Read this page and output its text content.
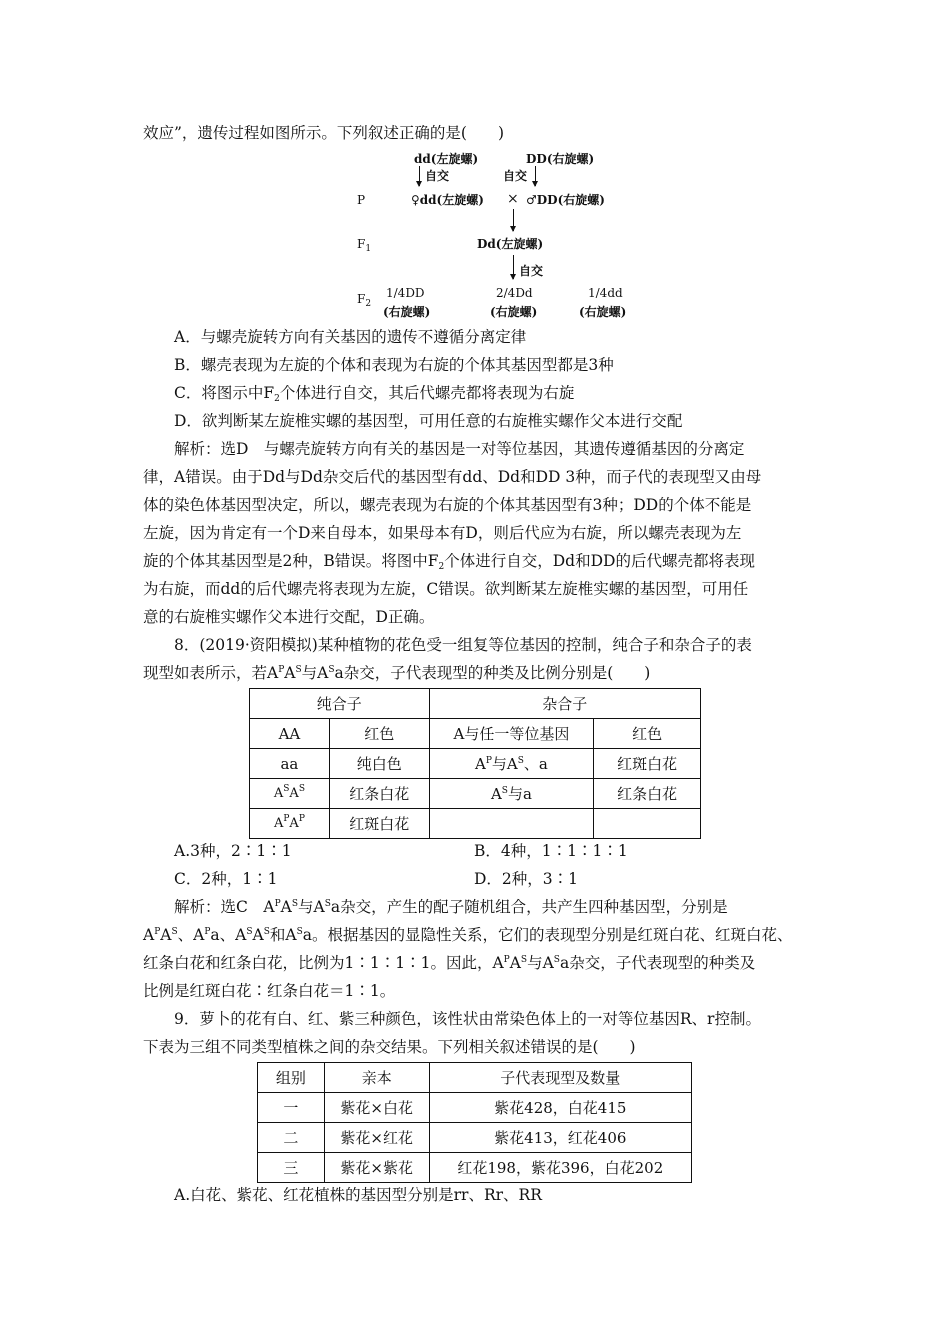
效应”，遗传过程如图所示。下列叙述正确的是(　　)

dd(左旋螺)	DD(右旋螺)
自交	自交
P	♀dd(左旋螺) × ♂DD(右旋螺)
$F_1$	Dd(左旋螺)
自交
$F_2$
1/4DD
(右旋螺)
2/4Dd
(右旋螺)
1/4dd
(右旋螺)

A．与螺壳旋转方向有关基因的遗传不遵循分离定律

B．螺壳表现为左旋的个体和表现为右旋的个体其基因型都是3种

C．将图示中$F_2$个体进行自交，其后代螺壳都将表现为右旋

D．欲判断某左旋椎实螺的基因型，可用任意的右旋椎实螺作父本进行交配

解析：选D　与螺壳旋转方向有关的基因是一对等位基因，其遗传遵循基因的分离定

律，A错误。由于Dd与Dd杂交后代的基因型有dd、Dd和DD 3种，而子代的表现型又由母

体的染色体基因型决定，所以，螺壳表现为右旋的个体其基因型有3种；DD的个体不能是

左旋，因为肯定有一个D来自母本，如果母本有D，则后代应为右旋，所以螺壳表现为左

旋的个体其基因型是2种，B错误。将图中$F_2$个体进行自交，Dd和DD的后代螺壳都将表现

为右旋，而dd的后代螺壳将表现为左旋，C错误。欲判断某左旋椎实螺的基因型，可用任

意的右旋椎实螺作父本进行交配，D正确。

8．(2019·资阳模拟)某种植物的花色受一组复等位基因的控制，纯合子和杂合子的表

现型如表所示，若$A^PA^S$与$A^Sa$杂交，子代表现型的种类及比例分别是(　　)

纯合子		杂合子	
AA	红色	A与任一等位基因	红色
aa	纯白色	$A^P$与$A^S$、a	红斑白花
$A^SA^S$	红条白花	$A^S$与a	红条白花
$A^PA^P$	红斑白花		
A.3种，2∶1∶1	B．4种，1∶1∶1∶1
C．2种，1∶1	D．2种，3∶1

解析：选C　$A^PA^S$与$A^Sa$杂交，产生的配子随机组合，共产生四种基因型，分别是

$A^PA^S$、$A^Pa$、$A^SA^S$和$A^Sa$。根据基因的显隐性关系，它们的表现型分别是红斑白花、红斑白花、

红条白花和红条白花，比例为1∶1∶1∶1。因此，$A^PA^S$与$A^Sa$杂交，子代表现型的种类及

比例是红斑白花∶红条白花＝1∶1。

9．萝卜的花有白、红、紫三种颜色，该性状由常染色体上的一对等位基因R、r控制。

下表为三组不同类型植株之间的杂交结果。下列相关叙述错误的是(　　)

组别	亲本	子代表现型及数量
一	紫花×白花	紫花428，白花415
二	紫花×红花	紫花413，红花406
三	紫花×紫花	红花198，紫花396，白花202

A.白花、紫花、红花植株的基因型分别是rr、Rr、RR
